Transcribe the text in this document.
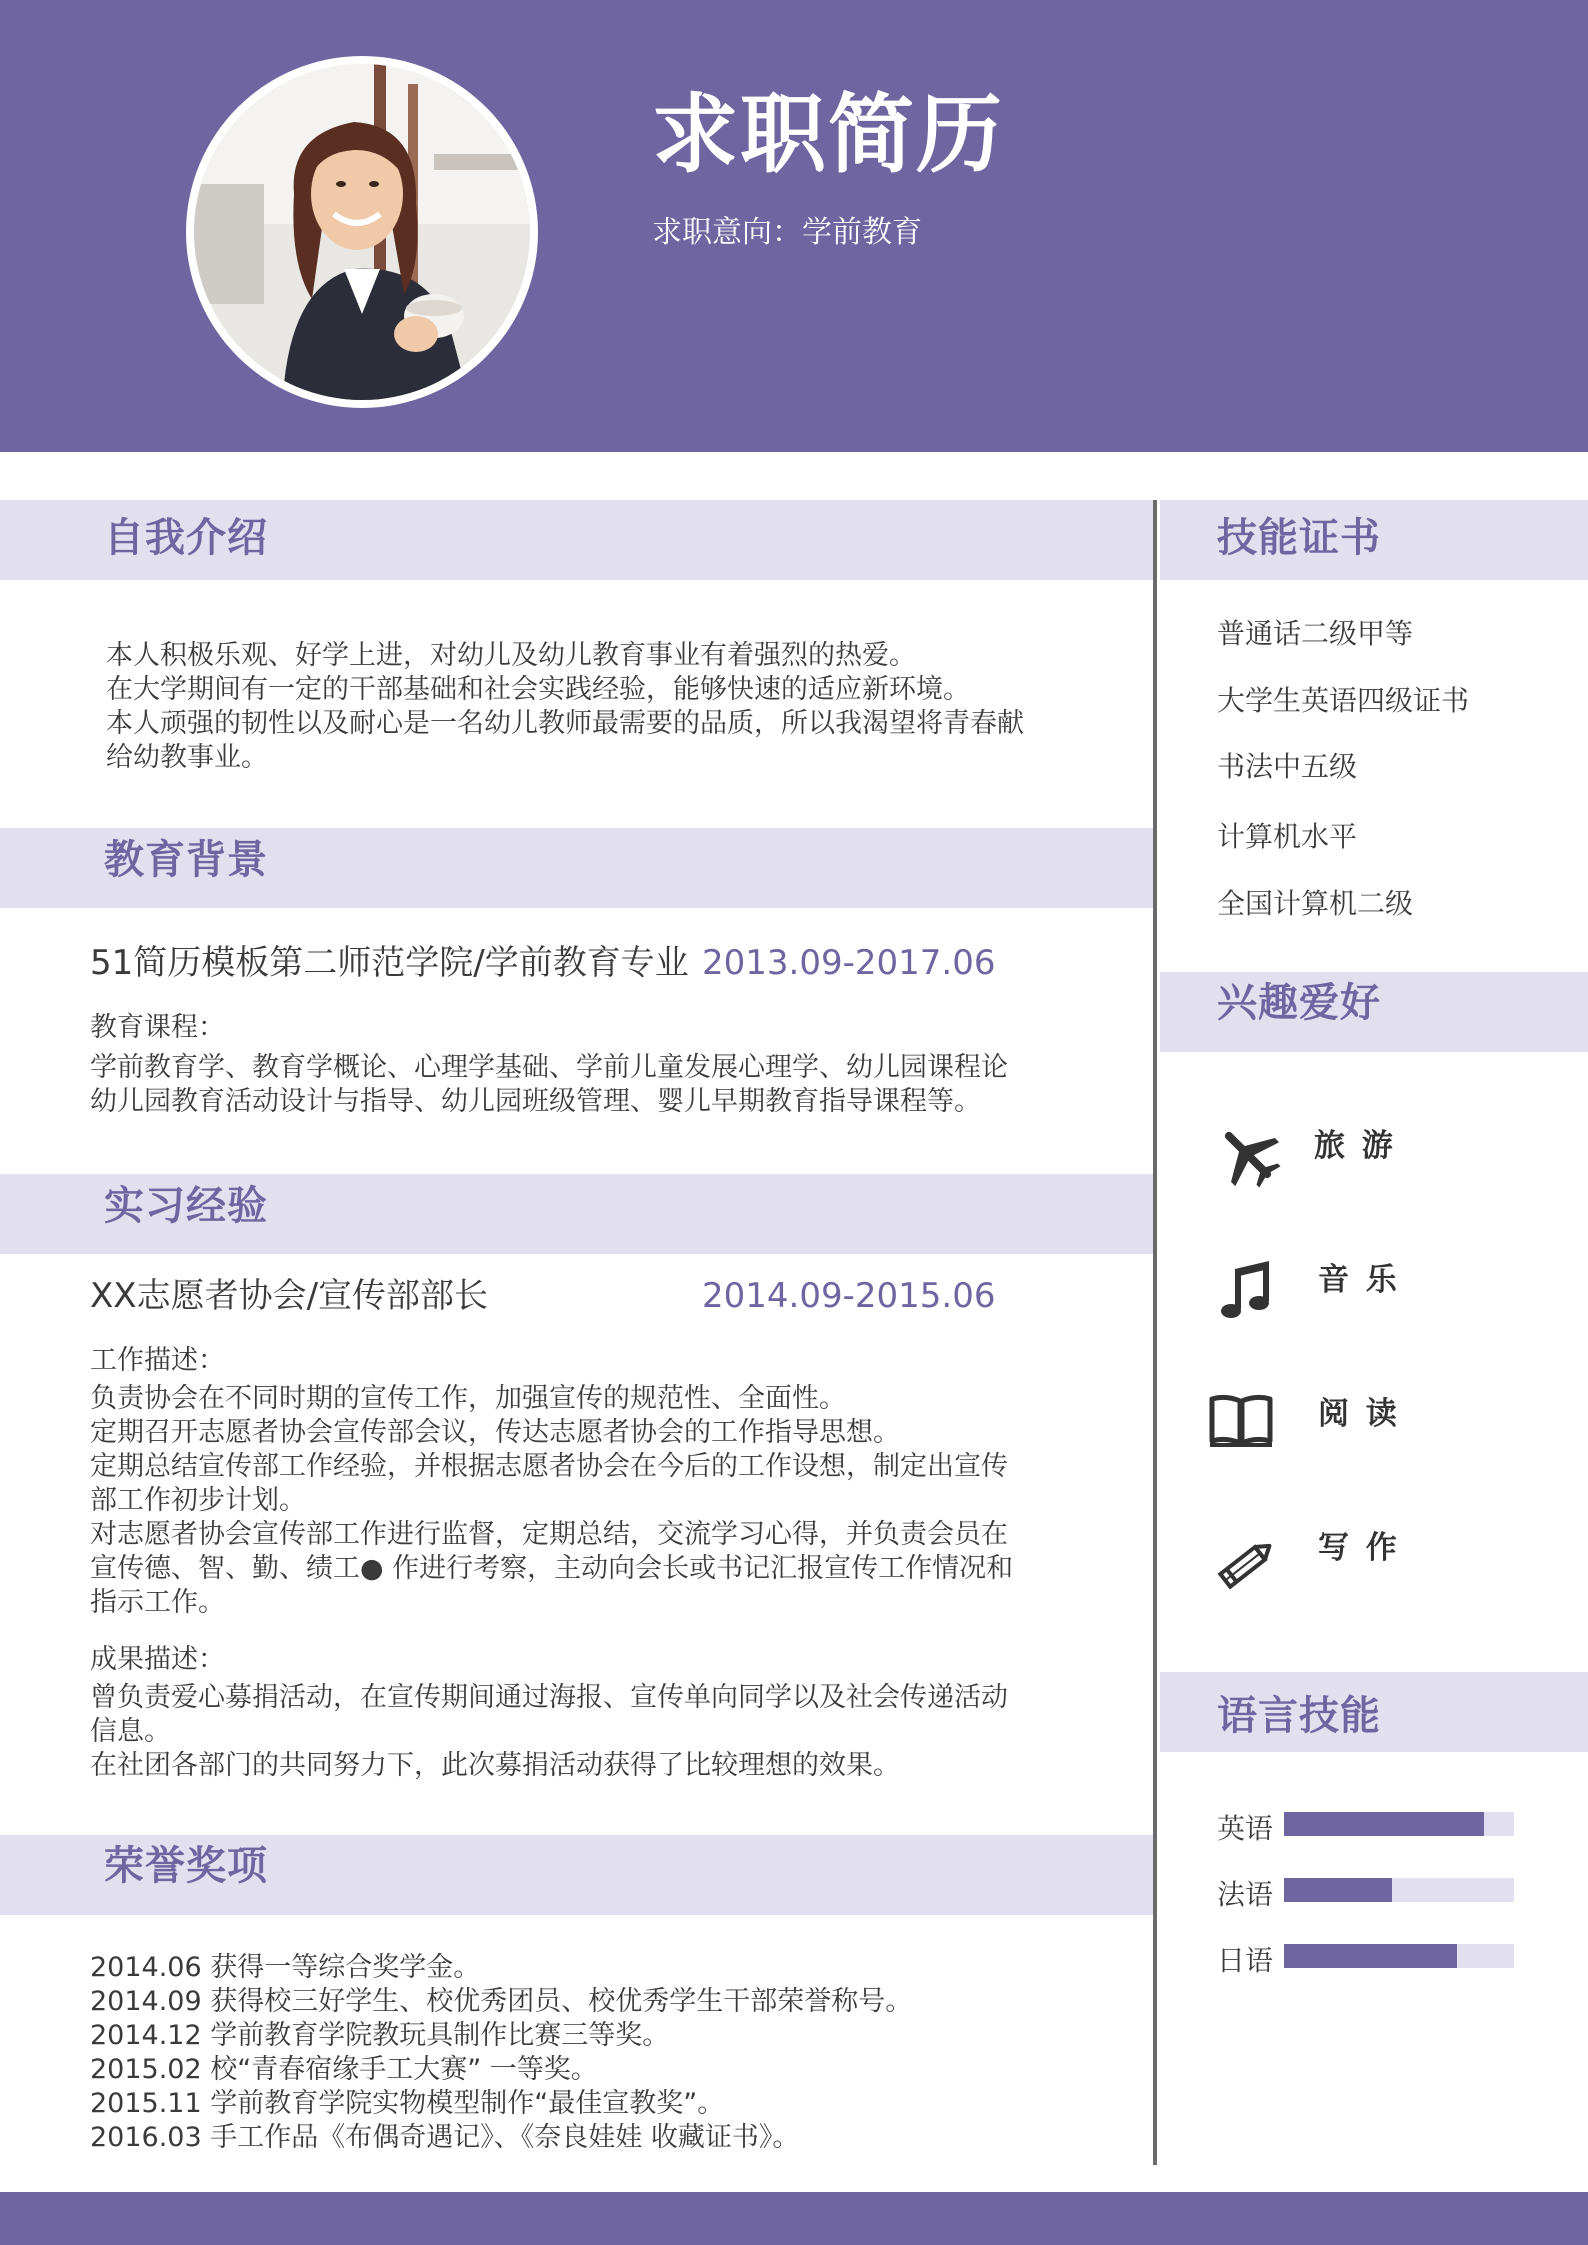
求职简历
求职意向：学前教育
自我介绍
本人积极乐观、好学上进，对幼儿及幼儿教育事业有着强烈的热爱。
在大学期间有一定的干部基础和社会实践经验，能够快速的适应新环境。
本人顽强的韧性以及耐心是一名幼儿教师最需要的品质，所以我渴望将青春献
给幼教事业。
教育背景
51简历模板第二师范学院/学前教育专业 2013.09-2017.06
教育课程：
学前教育学、教育学概论、心理学基础、学前儿童发展心理学、幼儿园课程论
幼儿园教育活动设计与指导、幼儿园班级管理、婴儿早期教育指导课程等。
实习经验
XX志愿者协会/宣传部部长	2014.09-2015.06
工作描述：
负责协会在不同时期的宣传工作，加强宣传的规范性、全面性。
定期召开志愿者协会宣传部会议，传达志愿者协会的工作指导思想。
定期总结宣传部工作经验，并根据志愿者协会在今后的工作设想，制定出宣传
部工作初步计划。
对志愿者协会宣传部工作进行监督，定期总结，交流学习心得，并负责会员在
宣传德、智、勤、绩工● 作进行考察，主动向会长或书记汇报宣传工作情况和
指示工作。
成果描述：
曾负责爱心募捐活动，在宣传期间通过海报、宣传单向同学以及社会传递活动
信息。
在社团各部门的共同努力下，此次募捐活动获得了比较理想的效果。
荣誉奖项
2014.06 获得一等综合奖学金。
2014.09 获得校三好学生、校优秀团员、校优秀学生干部荣誉称号。
2014.12 学前教育学院教玩具制作比赛三等奖。
2015.02 校“青春宿缘手工大赛” 一等奖。
2015.11 学前教育学院实物模型制作“最佳宣教奖”。
2016.03 手工作品《布偶奇遇记》、《奈良娃娃 收藏证书》。
技能证书
普通话二级甲等
大学生英语四级证书
书法中五级
计算机水平
全国计算机二级
兴趣爱好
旅 游
音 乐
阅 读
写 作
语言技能
英语
法语
日语
